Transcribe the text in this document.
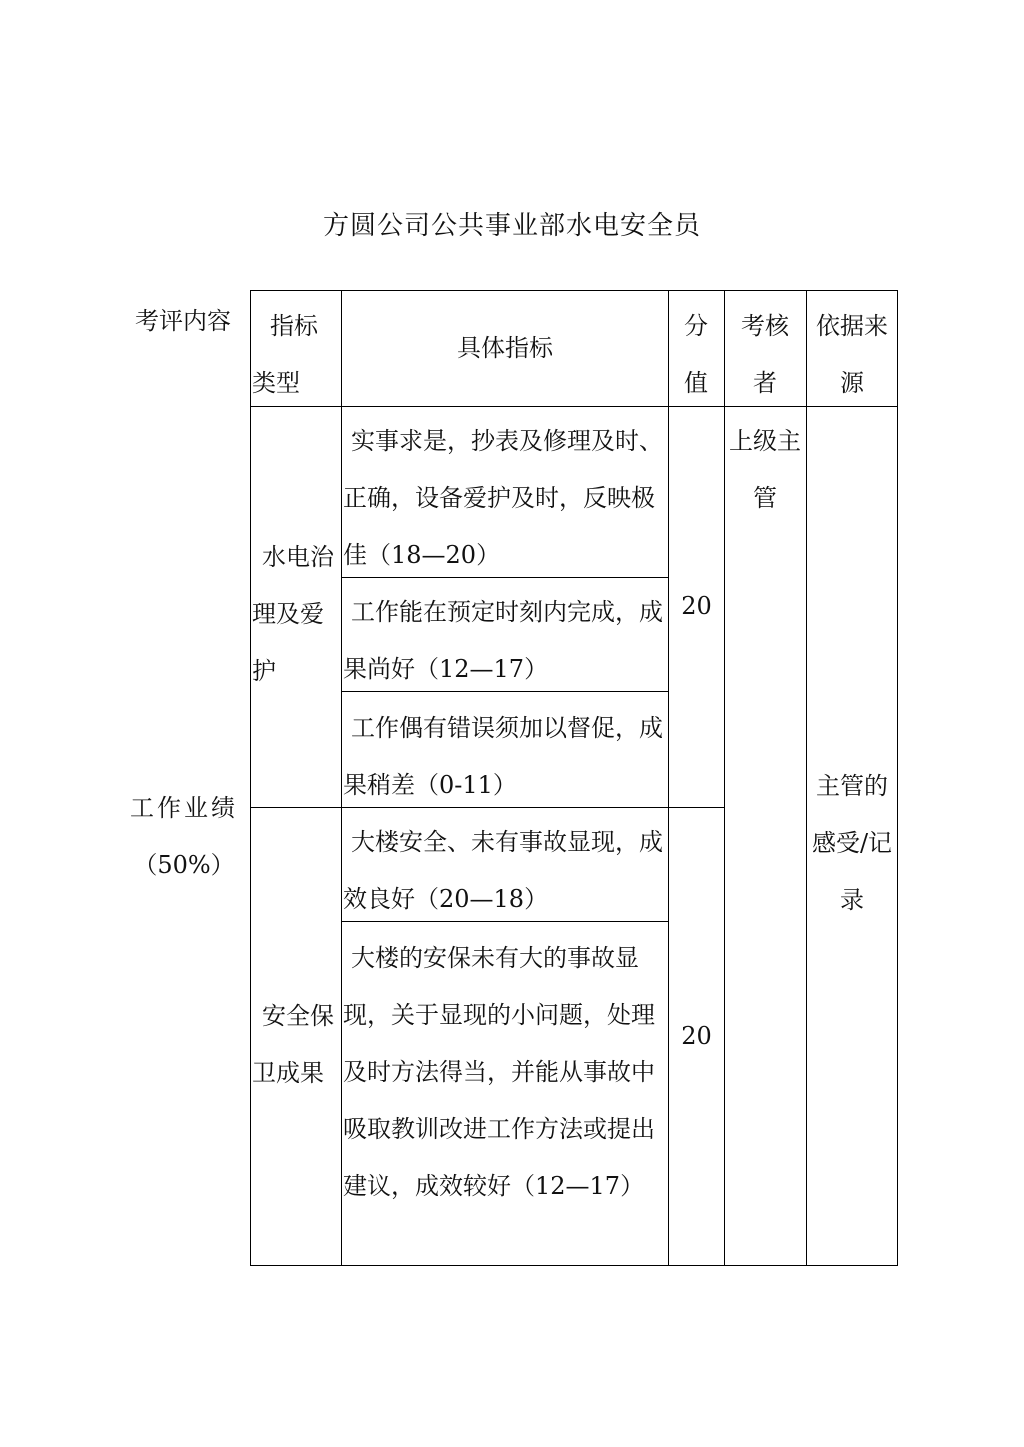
方圆公司公共事业部水电安全员
考评内容
工作业绩
（50%）
指标类型
具体指标
分值
考核者
依据来源
水电治理及爱护
实事求是，抄表及修理及时、正确，设备爱护及时，反映极佳（18—20）
工作能在预定时刻内完成，成果尚好（12—17）
工作偶有错误须加以督促，成果稍差（0-11）
20
安全保卫成果
大楼安全、未有事故显现，成效良好（20—18）
大楼的安保未有大的事故显现，关于显现的小问题，处理及时方法得当，并能从事故中吸取教训改进工作方法或提出建议，成效较好（12—17）
20
上级主管
主管的感受/记录
